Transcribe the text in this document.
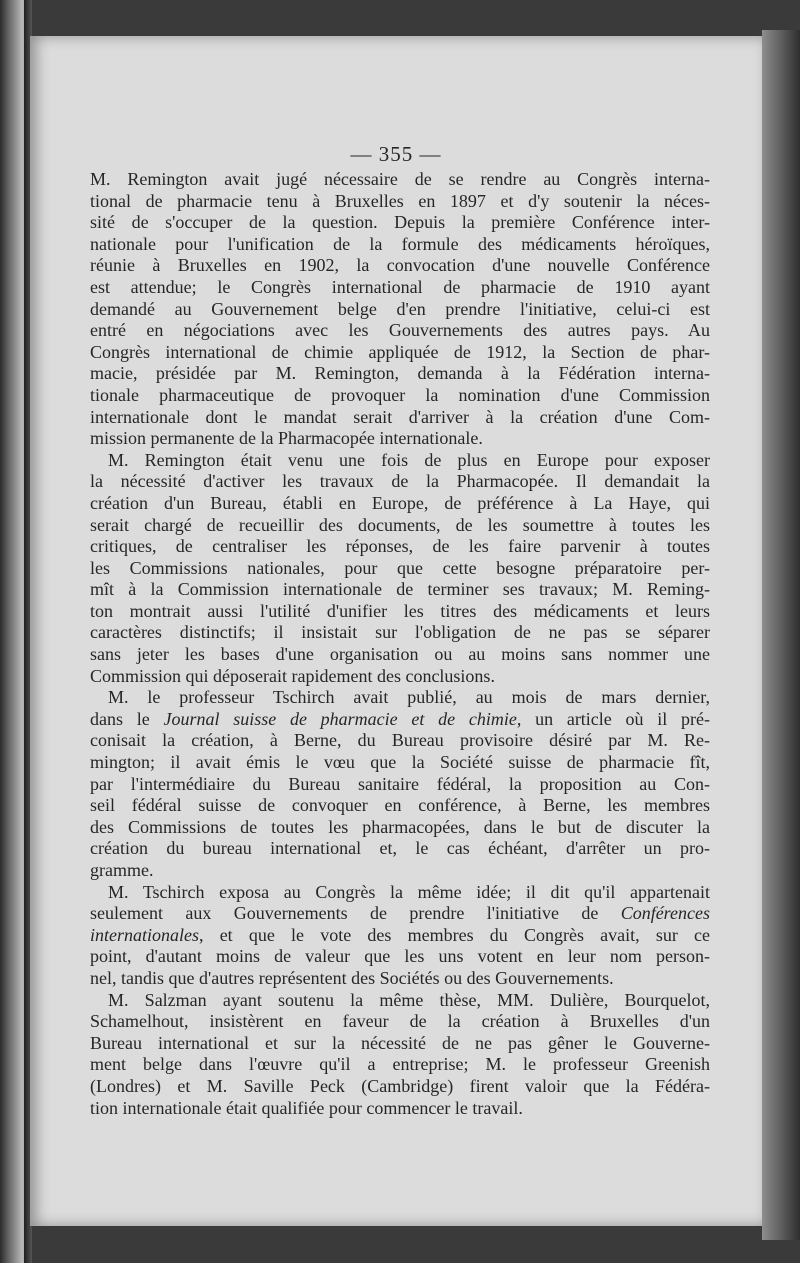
— 355 —
M. Remington avait jugé nécessaire de se rendre au Congrès interna-
tional de pharmacie tenu à Bruxelles en 1897 et d'y soutenir la néces-
sité de s'occuper de la question. Depuis la première Conférence inter-
nationale pour l'unification de la formule des médicaments héroïques,
réunie à Bruxelles en 1902, la convocation d'une nouvelle Conférence
est attendue; le Congrès international de pharmacie de 1910 ayant
demandé au Gouvernement belge d'en prendre l'initiative, celui-ci est
entré en négociations avec les Gouvernements des autres pays. Au
Congrès international de chimie appliquée de 1912, la Section de phar-
macie, présidée par M. Remington, demanda à la Fédération interna-
tionale pharmaceutique de provoquer la nomination d'une Commission
internationale dont le mandat serait d'arriver à la création d'une Com-
mission permanente de la Pharmacopée internationale.
M. Remington était venu une fois de plus en Europe pour exposer
la nécessité d'activer les travaux de la Pharmacopée. Il demandait la
création d'un Bureau, établi en Europe, de préférence à La Haye, qui
serait chargé de recueillir des documents, de les soumettre à toutes les
critiques, de centraliser les réponses, de les faire parvenir à toutes
les Commissions nationales, pour que cette besogne préparatoire per-
mît à la Commission internationale de terminer ses travaux; M. Reming-
ton montrait aussi l'utilité d'unifier les titres des médicaments et leurs
caractères distinctifs; il insistait sur l'obligation de ne pas se séparer
sans jeter les bases d'une organisation ou au moins sans nommer une
Commission qui déposerait rapidement des conclusions.
M. le professeur Tschirch avait publié, au mois de mars dernier,
dans le Journal suisse de pharmacie et de chimie, un article où il pré-
conisait la création, à Berne, du Bureau provisoire désiré par M. Re-
mington; il avait émis le vœu que la Société suisse de pharmacie fît,
par l'intermédiaire du Bureau sanitaire fédéral, la proposition au Con-
seil fédéral suisse de convoquer en conférence, à Berne, les membres
des Commissions de toutes les pharmacopées, dans le but de discuter la
création du bureau international et, le cas échéant, d'arrêter un pro-
gramme.
M. Tschirch exposa au Congrès la même idée; il dit qu'il appartenait
seulement aux Gouvernements de prendre l'initiative de Conférences
internationales, et que le vote des membres du Congrès avait, sur ce
point, d'autant moins de valeur que les uns votent en leur nom person-
nel, tandis que d'autres représentent des Sociétés ou des Gouvernements.
M. Salzman ayant soutenu la même thèse, MM. Dulière, Bourquelot,
Schamelhout, insistèrent en faveur de la création à Bruxelles d'un
Bureau international et sur la nécessité de ne pas gêner le Gouverne-
ment belge dans l'œuvre qu'il a entreprise; M. le professeur Greenish
(Londres) et M. Saville Peck (Cambridge) firent valoir que la Fédéra-
tion internationale était qualifiée pour commencer le travail.
